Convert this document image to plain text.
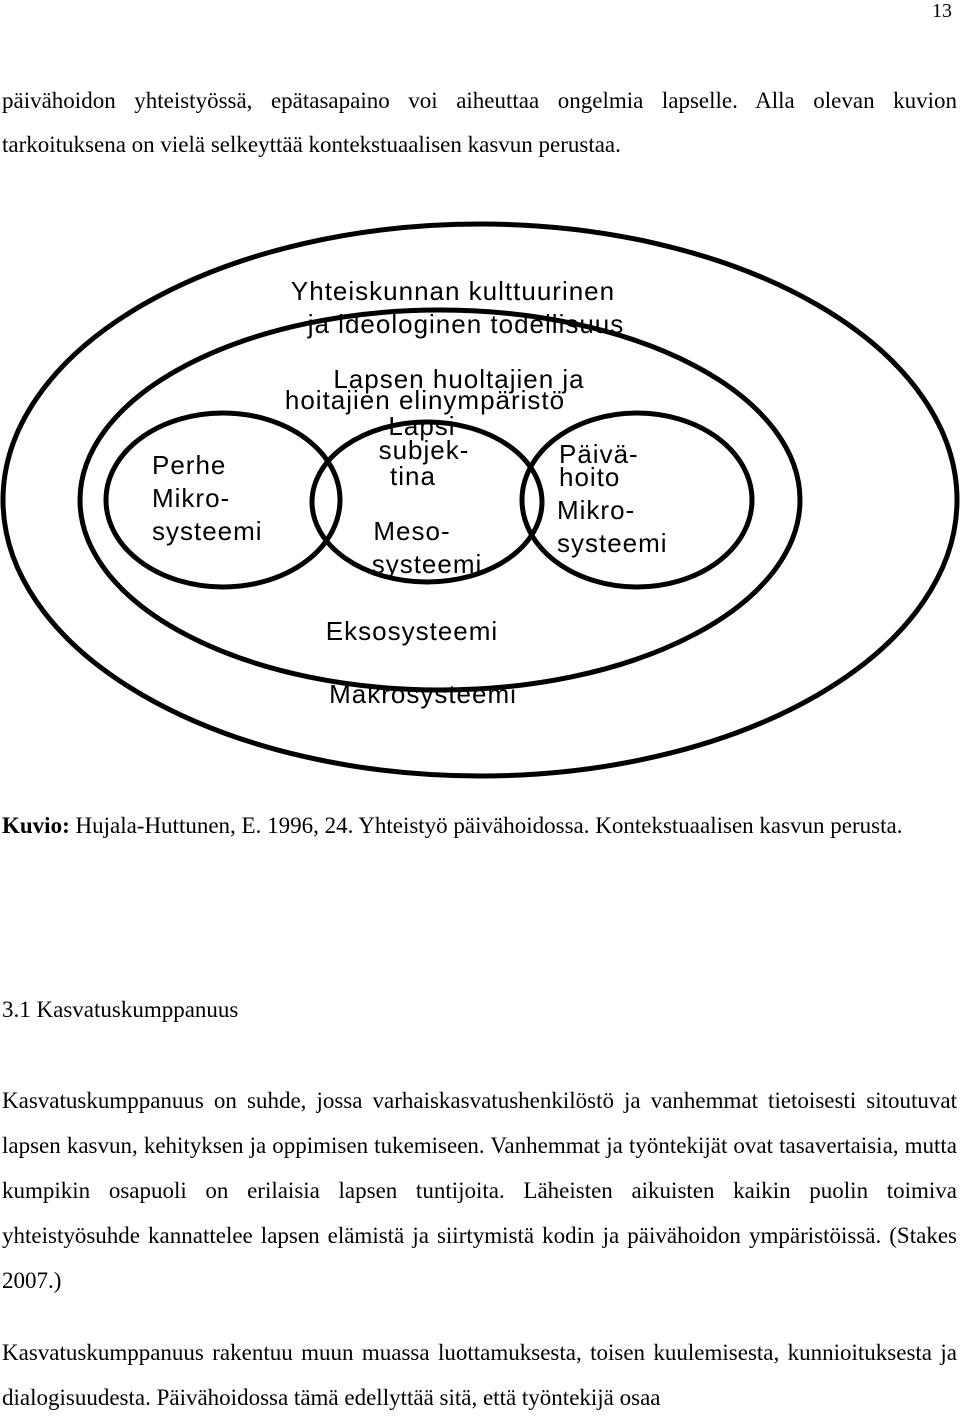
13

päivähoidon yhteistyössä, epätasapaino voi aiheuttaa ongelmia lapselle. Alla olevan kuvion tarkoituksena on vielä selkeyttää kontekstuaalisen kasvun perustaa.

Yhteiskunnan kulttuurinen
ja ideologinen todellisuus
Lapsen huoltajien ja
hoitajien elinympäristö
Perhe
Mikro-
systeemi
Lapsi
subjek-
tina
Meso-
systeemi
Päivä-
hoito
Mikro-
systeemi
Eksosysteemi
Makrosysteemi

Kuvio: Hujala-Huttunen, E. 1996, 24. Yhteistyö päivähoidossa. Kontekstuaalisen kasvun perusta.

3.1 Kasvatuskumppanuus

Kasvatuskumppanuus on suhde, jossa varhaiskasvatushenkilöstö ja vanhemmat tietoisesti sitoutuvat lapsen kasvun, kehityksen ja oppimisen tukemiseen. Vanhemmat ja työntekijät ovat tasavertaisia, mutta kumpikin osapuoli on erilaisia lapsen tuntijoita. Läheisten aikuisten kaikin puolin toimiva yhteistyösuhde kannattelee lapsen elämistä ja siirtymistä kodin ja päivähoidon ympäristöissä. (Stakes 2007.)

Kasvatuskumppanuus rakentuu muun muassa luottamuksesta, toisen kuulemisesta, kunnioituksesta ja dialogisuudesta. Päivähoidossa tämä edellyttää sitä, että työntekijä osaa
